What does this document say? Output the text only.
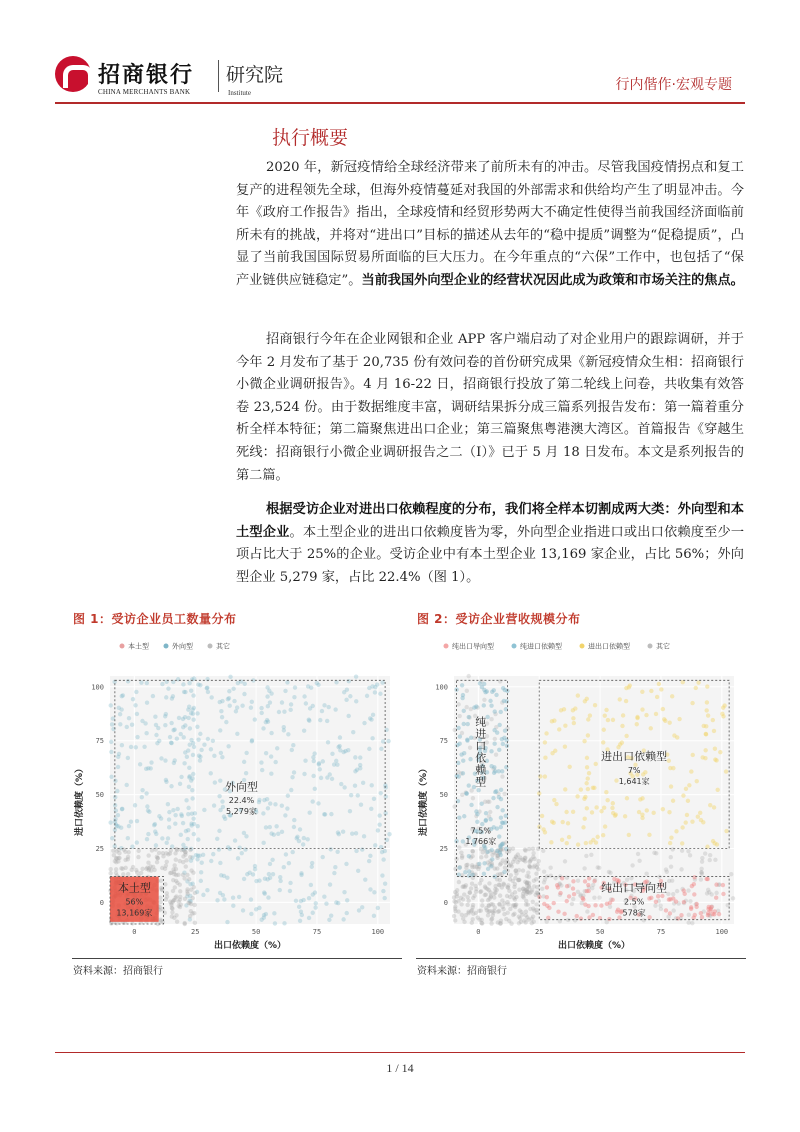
招商银行
CHINA MERCHANTS BANK
研究院
Institute	行内偕作·宏观专题
执行概要
2020 年，新冠疫情给全球经济带来了前所未有的冲击。尽管我国疫情拐点和复工复产的进程领先全球，但海外疫情蔓延对我国的外部需求和供给均产生了明显冲击。今年《政府工作报告》指出，全球疫情和经贸形势两大不确定性使得当前我国经济面临前所未有的挑战，并将对“进出口”目标的描述从去年的“稳中提质”调整为“促稳提质”，凸显了当前我国国际贸易所面临的巨大压力。在今年重点的“六保”工作中，也包括了“保产业链供应链稳定”。当前我国外向型企业的经营状况因此成为政策和市场关注的焦点。
招商银行今年在企业网银和企业 APP 客户端启动了对企业用户的跟踪调研，并于今年 2 月发布了基于 20,735 份有效问卷的首份研究成果《新冠疫情众生相：招商银行小微企业调研报告》。4 月 16-22 日，招商银行投放了第二轮线上问卷，共收集有效答卷 23,524 份。由于数据维度丰富，调研结果拆分成三篇系列报告发布：第一篇着重分析全样本特征；第二篇聚焦进出口企业；第三篇聚焦粤港澳大湾区。首篇报告《穿越生死线：招商银行小微企业调研报告之二（I）》已于 5 月 18 日发布。本文是系列报告的第二篇。
根据受访企业对进出口依赖程度的分布，我们将全样本切割成两大类：外向型和本土型企业。本土型企业的进出口依赖度皆为零，外向型企业指进口或出口依赖度至少一项占比大于 25%的企业。受访企业中有本土型企业 13,169 家企业，占比 56%；外向型企业 5,279 家，占比 22.4%（图 1）。
图 1：受访企业员工数量分布
0
0
25
25
50
50
75
75
100
100
出口依赖度（%）
进口依赖度（%）
本土型	外向型	其它
外向型
22.4%
5,279家
本土型
56%
13,169家
资料来源：招商银行
图 2：受访企业营收规模分布
0
0
25
25
50
50
75
75
100
100
出口依赖度（%）
进口依赖度（%）
纯出口导向型	纯进口依赖型	进出口依赖型	其它
纯
进
口
依
赖
型
7.5%
1,766家
进出口依赖型
7%
1,641家
纯出口导向型
2.5%
578家
资料来源：招商银行
1 / 14
